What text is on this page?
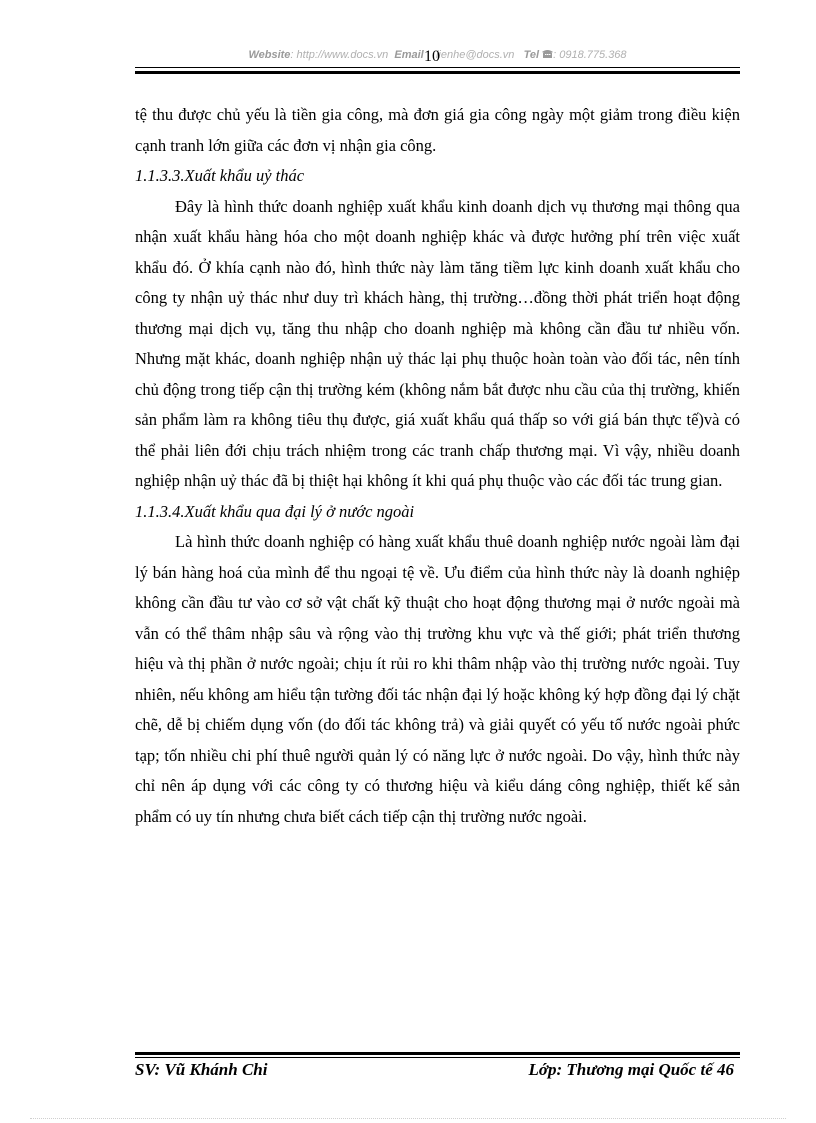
Website: http://www.docs.vn Email lienhe@docs.vn Tel : 0918.775.368
10

tệ thu được chủ yếu là tiền gia công, mà đơn giá gia công ngày một giảm trong điều kiện cạnh tranh lớn giữa các đơn vị nhận gia công.

1.1.3.3.Xuất khẩu uỷ thác

Đây là hình thức doanh nghiệp xuất khẩu kinh doanh dịch vụ thương mại thông qua nhận xuất khẩu hàng hóa cho một doanh nghiệp khác và được hưởng phí trên việc xuất khẩu đó. Ở khía cạnh nào đó, hình thức này làm tăng tiềm lực kinh doanh xuất khẩu cho công ty nhận uỷ thác như duy trì khách hàng, thị trường…đồng thời phát triển hoạt động thương mại dịch vụ, tăng thu nhập cho doanh nghiệp mà không cần đầu tư nhiều vốn. Nhưng mặt khác, doanh nghiệp nhận uỷ thác lại phụ thuộc hoàn toàn vào đối tác, nên tính chủ động trong tiếp cận thị trường kém (không nắm bắt được nhu cầu của thị trường, khiến sản phẩm làm ra không tiêu thụ được, giá xuất khẩu quá thấp so với giá bán thực tế)và có thể phải liên đới chịu trách nhiệm trong các tranh chấp thương mại. Vì vậy, nhiều doanh nghiệp nhận uỷ thác đã bị thiệt hại không ít khi quá phụ thuộc vào các đối tác trung gian.

1.1.3.4.Xuất khẩu qua đại lý ở nước ngoài

Là hình thức doanh nghiệp có hàng xuất khẩu thuê doanh nghiệp nước ngoài làm đại lý bán hàng hoá của mình để thu ngoại tệ về. Ưu điểm của hình thức này là doanh nghiệp không cần đầu tư vào cơ sở vật chất kỹ thuật cho hoạt động thương mại ở nước ngoài mà vẫn có thể thâm nhập sâu và rộng vào thị trường khu vực và thế giới; phát triển thương hiệu và thị phần ở nước ngoài; chịu ít rủi ro khi thâm nhập vào thị trường nước ngoài. Tuy nhiên, nếu không am hiểu tận tường đối tác nhận đại lý hoặc không ký hợp đồng đại lý chặt chẽ, dễ bị chiếm dụng vốn (do đối tác không trả) và giải quyết có yếu tố nước ngoài phức tạp; tốn nhiều chi phí thuê người quản lý có năng lực ở nước ngoài. Do vậy, hình thức này chỉ nên áp dụng với các công ty có thương hiệu và kiểu dáng công nghiệp, thiết kế sản phẩm có uy tín nhưng chưa biết cách tiếp cận thị trường nước ngoài.

SV: Vũ Khánh Chi	Lớp: Thương mại Quốc tế 46
